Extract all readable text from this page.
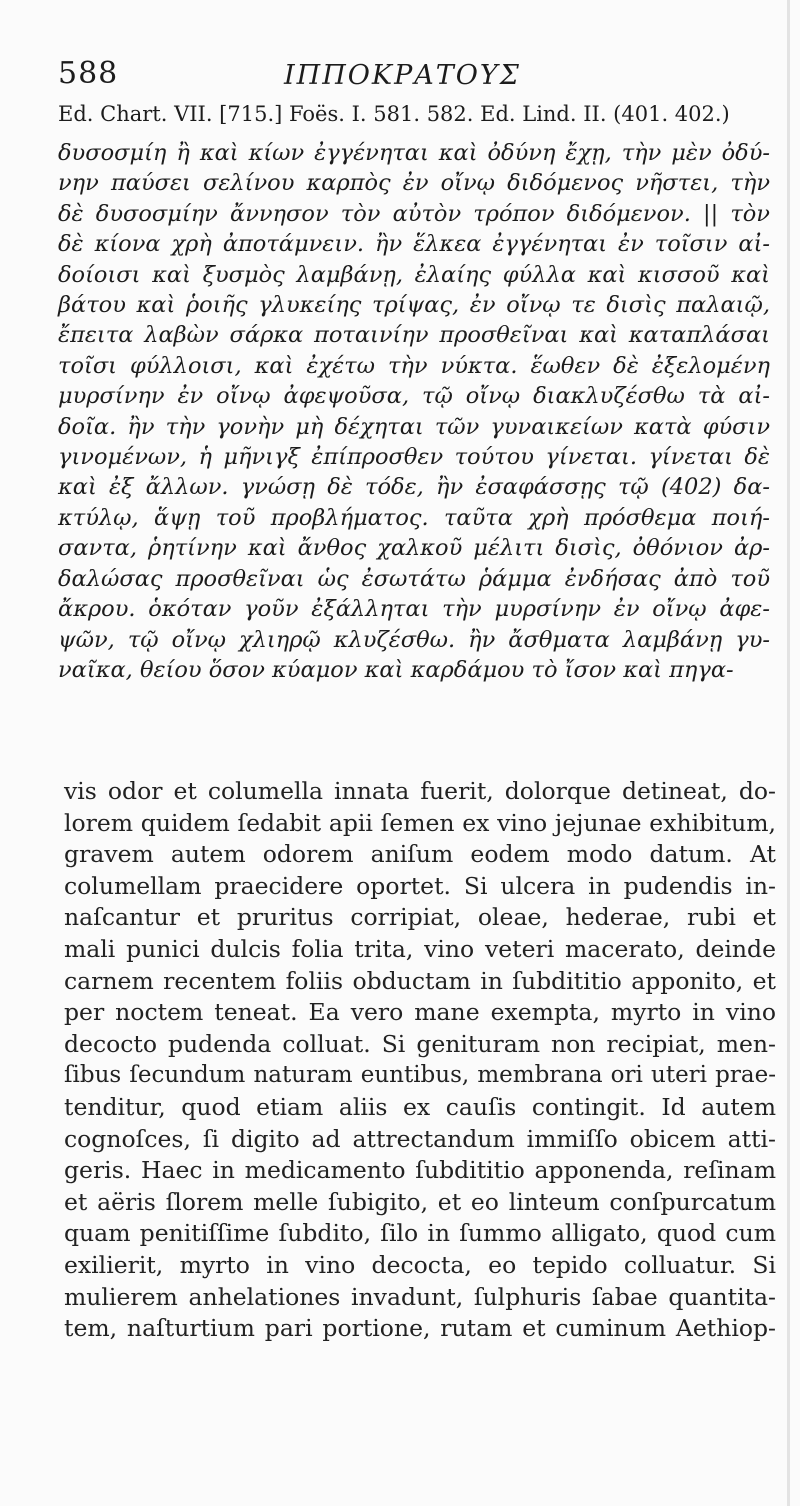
588	ΙΠΠΟΚΡΑΤΟΥΣ
Ed. Chart. VII. [715.] Foës. I. 581. 582. Ed. Lind. II. (401. 402.)
δυσοσμίη ἢ καὶ κίων ἐγγένηται καὶ ὀδύνη ἔχῃ, τὴν μὲν ὀδύ-
νην παύσει σελίνου καρπὸς ἐν οἴνῳ διδόμενος νῆστει, τὴν
δὲ δυσοσμίην ἄννησον τὸν αὐτὸν τρόπον διδόμενον. || τὸν
δὲ κίονα χρὴ ἀποτάμνειν. ἢν ἕλκεα ἐγγένηται ἐν τοῖσιν αἰ-
δοίοισι καὶ ξυσμὸς λαμβάνῃ, ἐλαίης φύλλα καὶ κισσοῦ καὶ
βάτου καὶ ῥοιῆς γλυκείης τρίψας, ἐν οἴνῳ τε δισὶς παλαιῷ,
ἔπειτα λαβὼν σάρκα ποταινίην προσθεῖναι καὶ καταπλάσαι
τοῖσι φύλλοισι, καὶ ἐχέτω τὴν νύκτα. ἕωθεν δὲ ἐξελομένη
μυρσίνην ἐν οἴνῳ ἀφεψοῦσα, τῷ οἴνῳ διακλυζέσθω τὰ αἰ-
δοῖα. ἢν τὴν γονὴν μὴ δέχηται τῶν γυναικείων κατὰ φύσιν
γινομένων, ἡ μῆνιγξ ἐπίπροσθεν τούτου γίνεται. γίνεται δὲ
καὶ ἐξ ἄλλων. γνώσῃ δὲ τόδε, ἢν ἐσαφάσσῃς τῷ (402) δα-
κτύλῳ, ἅψῃ τοῦ προβλήματος. ταῦτα χρὴ πρόσθεμα ποιή-
σαντα, ῥητίνην καὶ ἄνθος χαλκοῦ μέλιτι δισὶς, ὀθόνιον ἀρ-
δαλώσας προσθεῖναι ὡς ἐσωτάτω ῥάμμα ἐνδήσας ἀπὸ τοῦ
ἄκρου. ὁκόταν γοῦν ἐξάλληται τὴν μυρσίνην ἐν οἴνῳ ἀφε-
ψῶν, τῷ οἴνῳ χλιηρῷ κλυζέσθω. ἢν ἄσθματα λαμβάνῃ γυ-
ναῖκα, θείου ὅσον κύαμον καὶ καρδάμου τὸ ἴσον καὶ πηγα-
vis odor et columella innata fuerit, dolorque detineat, do-
lorem quidem ſedabit apii ſemen ex vino jejunae exhibitum,
gravem autem odorem aniſum eodem modo datum. At
columellam praecidere oportet. Si ulcera in pudendis in-
naſcantur et pruritus corripiat, oleae, hederae, rubi et
mali punici dulcis folia trita, vino veteri macerato, deinde
carnem recentem foliis obductam in ſubdititio apponito, et
per noctem teneat. Ea vero mane exempta, myrto in vino
decocto pudenda colluat. Si genituram non recipiat, men-
ſibus ſecundum naturam euntibus, membrana ori uteri prae-
tenditur, quod etiam aliis ex cauſis contingit. Id autem
cognoſces, ſi digito ad attrectandum immiſſo obicem atti-
geris. Haec in medicamento ſubdititio apponenda, reſinam
et aëris ſlorem melle ſubigito, et eo linteum conſpurcatum
quam penitiſſime ſubdito, ſilo in ſummo alligato, quod cum
exilierit, myrto in vino decocta, eo tepido colluatur. Si
mulierem anhelationes invadunt, ſulphuris ſabae quantita-
tem, naſturtium pari portione, rutam et cuminum Aethiop-
